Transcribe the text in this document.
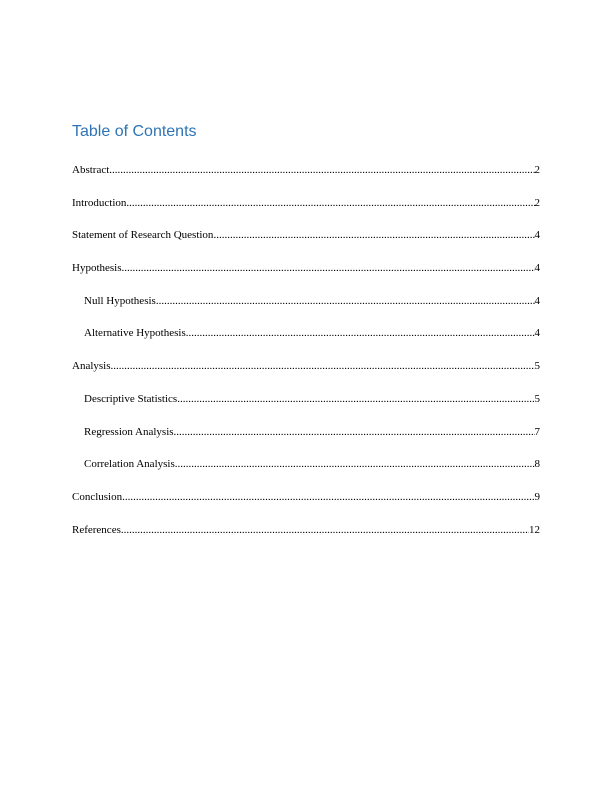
Table of Contents
Abstract .....	2
Introduction .....	2
Statement of Research Question .....	4
Hypothesis .....	4
Null Hypothesis .....	4
Alternative Hypothesis .....	4
Analysis .....	5
Descriptive Statistics .....	5
Regression Analysis .....	7
Correlation Analysis .....	8
Conclusion .....	9
References .....	12
